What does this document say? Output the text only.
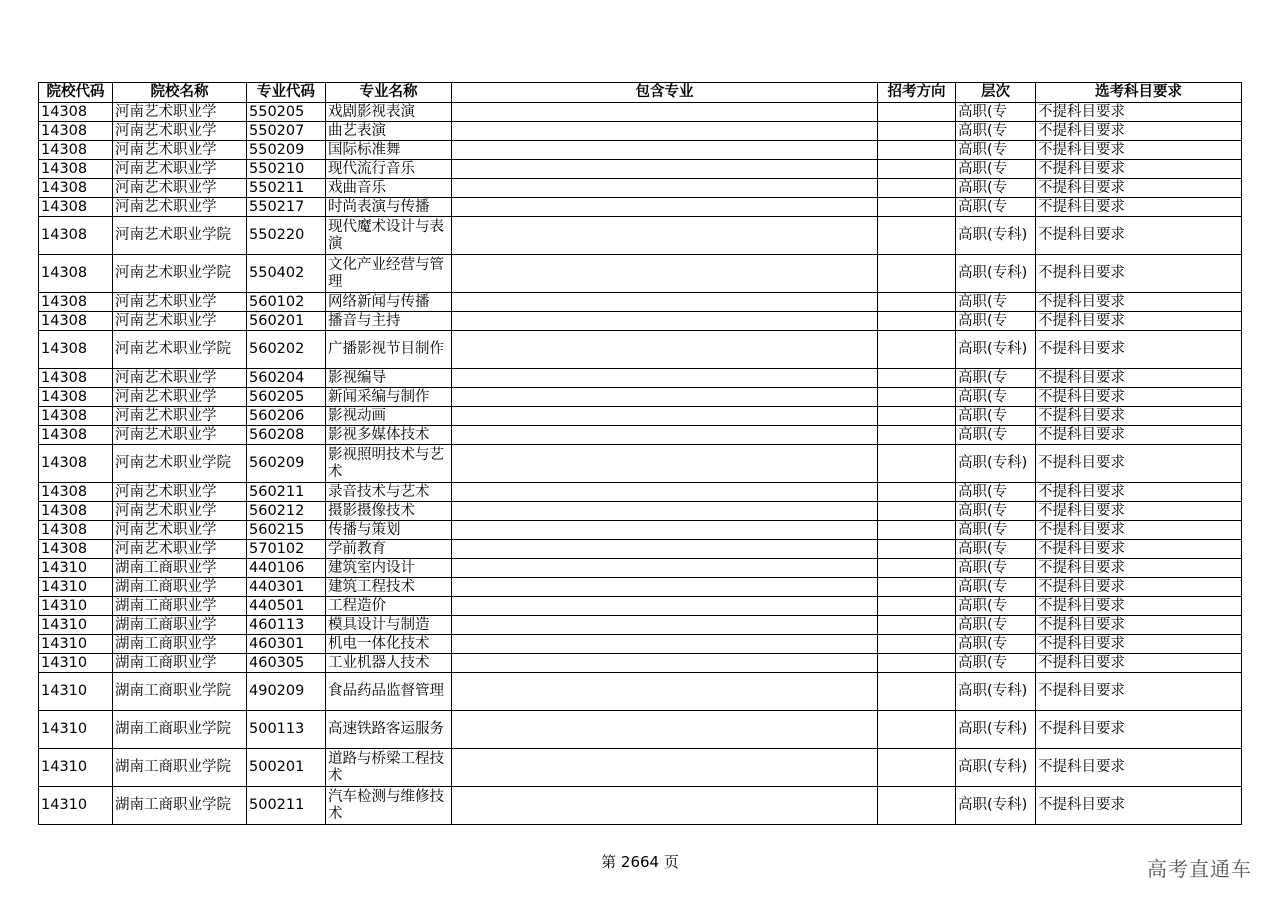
院校代码	院校名称	专业代码	专业名称	包含专业	招考方向	层次	选考科目要求
14308	河南艺术职业学	550205	戏剧影视表演			高职(专	不提科目要求
14308	河南艺术职业学	550207	曲艺表演			高职(专	不提科目要求
14308	河南艺术职业学	550209	国际标准舞			高职(专	不提科目要求
14308	河南艺术职业学	550210	现代流行音乐			高职(专	不提科目要求
14308	河南艺术职业学	550211	戏曲音乐			高职(专	不提科目要求
14308	河南艺术职业学	550217	时尚表演与传播			高职(专	不提科目要求
14308	河南艺术职业学院	550220	现代魔术设计与表演			高职(专科)	不提科目要求
14308	河南艺术职业学院	550402	文化产业经营与管理			高职(专科)	不提科目要求
14308	河南艺术职业学	560102	网络新闻与传播			高职(专	不提科目要求
14308	河南艺术职业学	560201	播音与主持			高职(专	不提科目要求
14308	河南艺术职业学院	560202	广播影视节目制作			高职(专科)	不提科目要求
14308	河南艺术职业学	560204	影视编导			高职(专	不提科目要求
14308	河南艺术职业学	560205	新闻采编与制作			高职(专	不提科目要求
14308	河南艺术职业学	560206	影视动画			高职(专	不提科目要求
14308	河南艺术职业学	560208	影视多媒体技术			高职(专	不提科目要求
14308	河南艺术职业学院	560209	影视照明技术与艺术			高职(专科)	不提科目要求
14308	河南艺术职业学	560211	录音技术与艺术			高职(专	不提科目要求
14308	河南艺术职业学	560212	摄影摄像技术			高职(专	不提科目要求
14308	河南艺术职业学	560215	传播与策划			高职(专	不提科目要求
14308	河南艺术职业学	570102	学前教育			高职(专	不提科目要求
14310	湖南工商职业学	440106	建筑室内设计			高职(专	不提科目要求
14310	湖南工商职业学	440301	建筑工程技术			高职(专	不提科目要求
14310	湖南工商职业学	440501	工程造价			高职(专	不提科目要求
14310	湖南工商职业学	460113	模具设计与制造			高职(专	不提科目要求
14310	湖南工商职业学	460301	机电一体化技术			高职(专	不提科目要求
14310	湖南工商职业学	460305	工业机器人技术			高职(专	不提科目要求
14310	湖南工商职业学院	490209	食品药品监督管理			高职(专科)	不提科目要求
14310	湖南工商职业学院	500113	高速铁路客运服务			高职(专科)	不提科目要求
14310	湖南工商职业学院	500201	道路与桥梁工程技术			高职(专科)	不提科目要求
14310	湖南工商职业学院	500211	汽车检测与维修技术			高职(专科)	不提科目要求
第 2664 页	高考直通车
